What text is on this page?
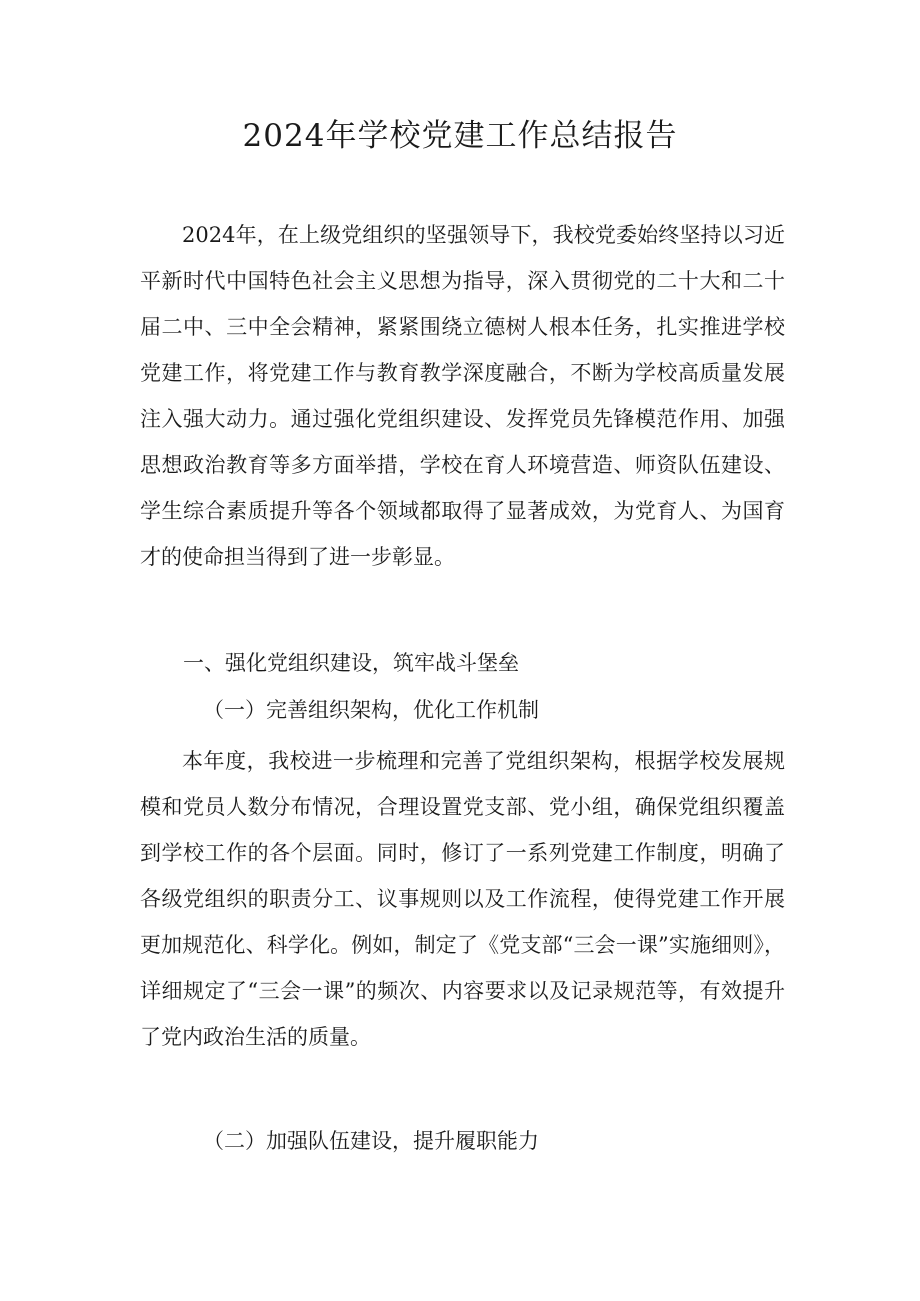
2024年学校党建工作总结报告

2024年，在上级党组织的坚强领导下，我校党委始终坚持以习近平新时代中国特色社会主义思想为指导，深入贯彻党的二十大和二十届二中、三中全会精神，紧紧围绕立德树人根本任务，扎实推进学校党建工作，将党建工作与教育教学深度融合，不断为学校高质量发展注入强大动力。通过强化党组织建设、发挥党员先锋模范作用、加强思想政治教育等多方面举措，学校在育人环境营造、师资队伍建设、学生综合素质提升等各个领域都取得了显著成效，为党育人、为国育才的使命担当得到了进一步彰显。

一、强化党组织建设，筑牢战斗堡垒
（一）完善组织架构，优化工作机制

本年度，我校进一步梳理和完善了党组织架构，根据学校发展规模和党员人数分布情况，合理设置党支部、党小组，确保党组织覆盖到学校工作的各个层面。同时，修订了一系列党建工作制度，明确了各级党组织的职责分工、议事规则以及工作流程，使得党建工作开展更加规范化、科学化。例如，制定了《党支部“三会一课”实施细则》，详细规定了“三会一课”的频次、内容要求以及记录规范等，有效提升了党内政治生活的质量。

（二）加强队伍建设，提升履职能力
